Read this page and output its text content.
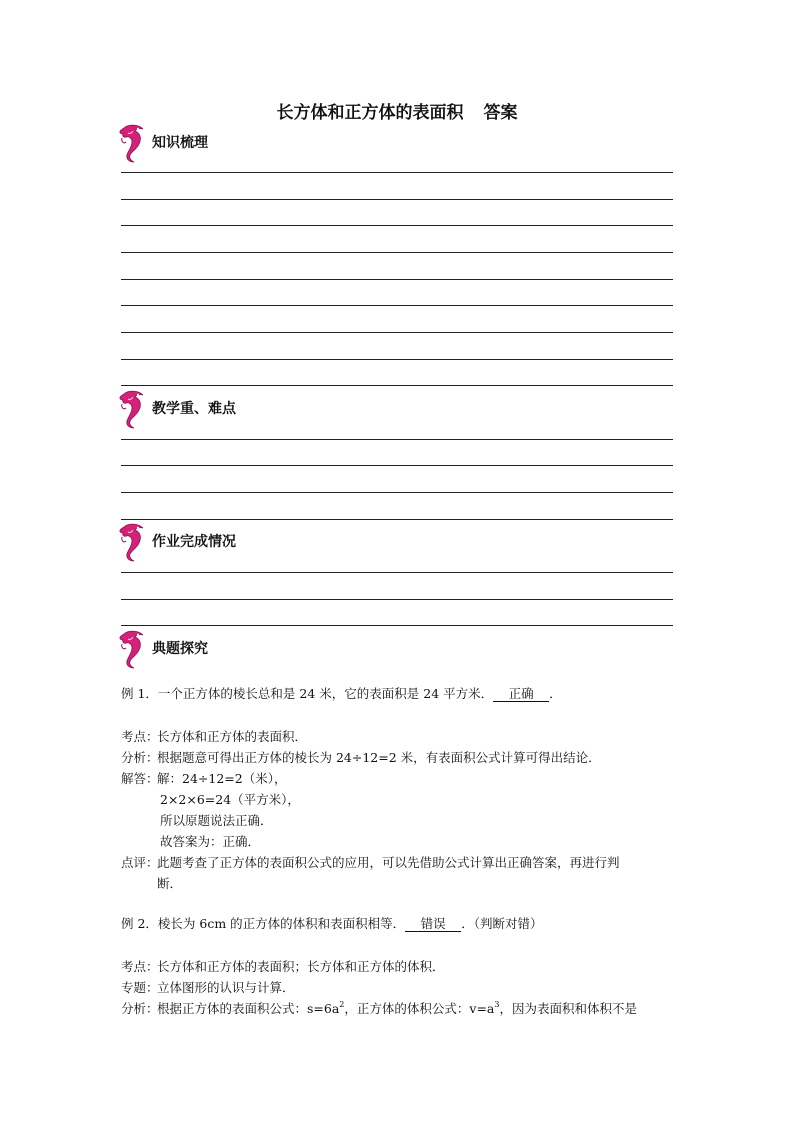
长方体和正方体的表面积 答案
知识梳理
教学重、难点
作业完成情况
典题探究
例 1．一个正方体的棱长总和是 24 米，它的表面积是 24 平方米． 正确 ．
考点：长方体和正方体的表面积．
分析：根据题意可得出正方体的棱长为 24÷12=2 米，有表面积公式计算可得出结论．
解答：解：24÷12=2（米），
2×2×6=24（平方米），
所以原题说法正确．
故答案为：正确．
点评：此题考查了正方体的表面积公式的应用，可以先借助公式计算出正确答案，再进行判
断．
例 2．棱长为 6cm 的正方体的体积和表面积相等． 错误 ．（判断对错）
考点：长方体和正方体的表面积；长方体和正方体的体积．
专题：立体图形的认识与计算．
分析：根据正方体的表面积公式：$s=6a^2$，正方体的体积公式：$v=a^3$，因为表面积和体积不是
